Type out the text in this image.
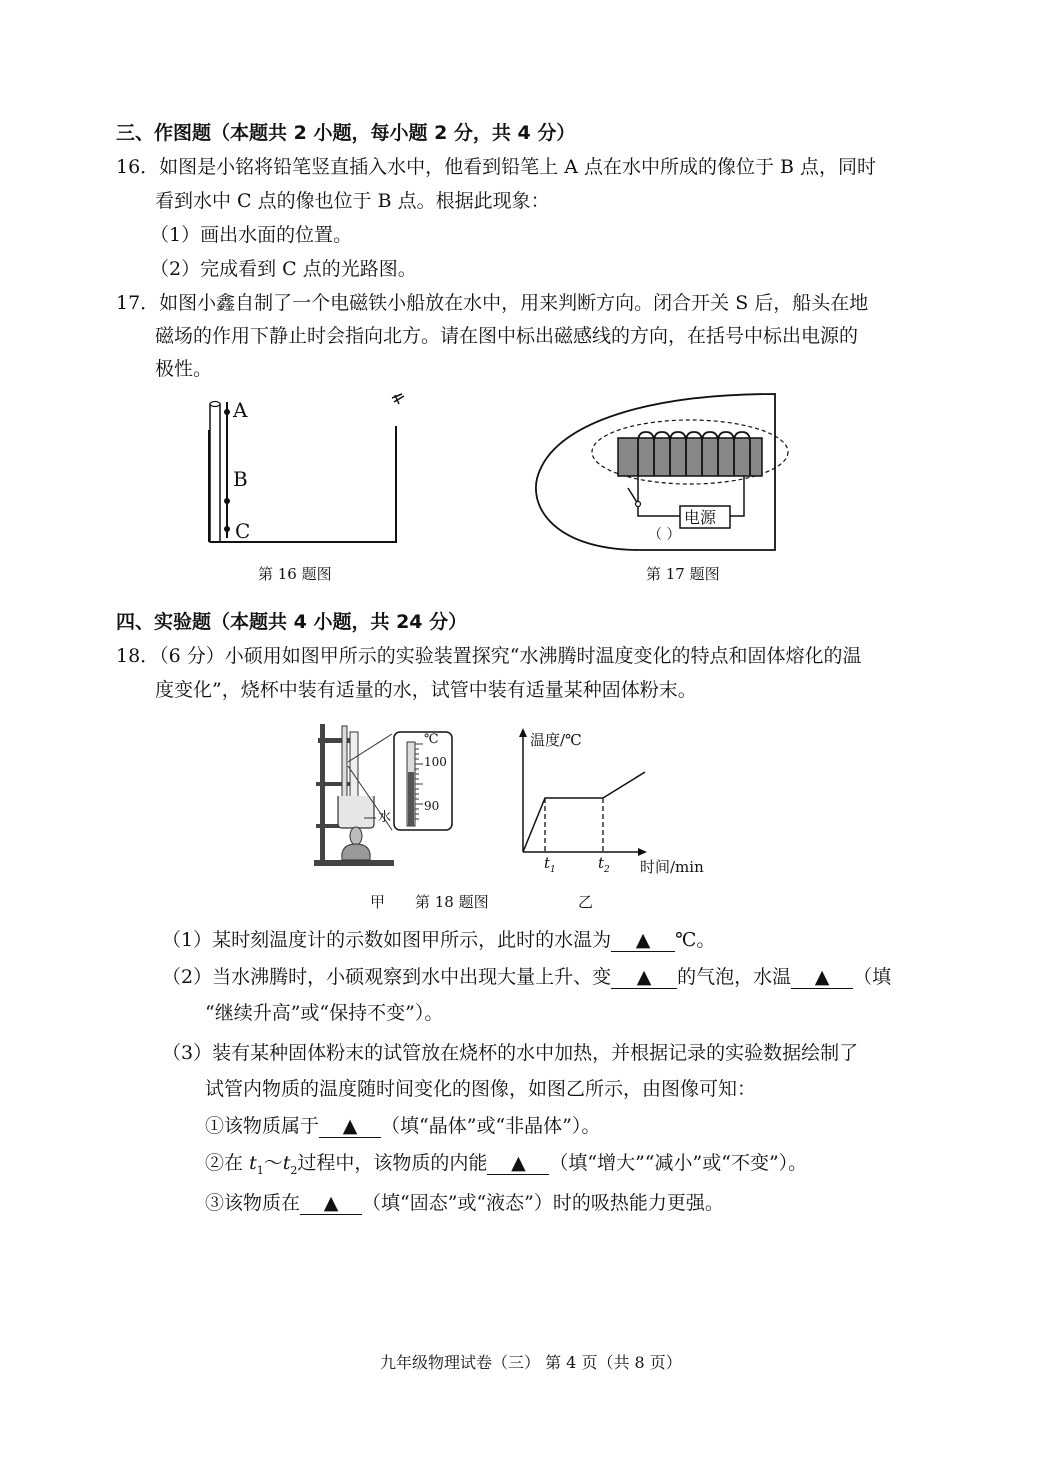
三、作图题（本题共 2 小题，每小题 2 分，共 4 分）
16．如图是小铭将铅笔竖直插入水中，他看到铅笔上 A 点在水中所成的像位于 B 点，同时
看到水中 C 点的像也位于 B 点。根据此现象：
（1）画出水面的位置。
（2）完成看到 C 点的光路图。
17．如图小鑫自制了一个电磁铁小船放在水中，用来判断方向。闭合开关 S 后，船头在地
磁场的作用下静止时会指向北方。请在图中标出磁感线的方向，在括号中标出电源的
极性。
A
B
C
第 16 题图
电源
（ ）
第 17 题图
四、实验题（本题共 4 小题，共 24 分）
18．（6 分）小硕用如图甲所示的实验装置探究“水沸腾时温度变化的特点和固体熔化的温
度变化”，烧杯中装有适量的水，试管中装有适量某种固体粉末。
℃
100
90
水
温度/℃
时间/min
$t_1$	$t_2$
甲 第 18 题图	乙
（1）某时刻温度计的示数如图甲所示，此时的水温为 ▲ ℃。
（2）当水沸腾时，小硕观察到水中出现大量上升、变 ▲ 的气泡，水温 ▲ （填
“继续升高”或“保持不变”）。
（3）装有某种固体粉末的试管放在烧杯的水中加热，并根据记录的实验数据绘制了
试管内物质的温度随时间变化的图像，如图乙所示，由图像可知：
①该物质属于 ▲ （填“晶体”或“非晶体”）。
②在 $t_1\sim t_2$过程中，该物质的内能 ▲ （填“增大”“减小”或“不变”）。
③该物质在 ▲ （填“固态”或“液态”）时的吸热能力更强。
九年级物理试卷（三） 第 4 页（共 8 页）
